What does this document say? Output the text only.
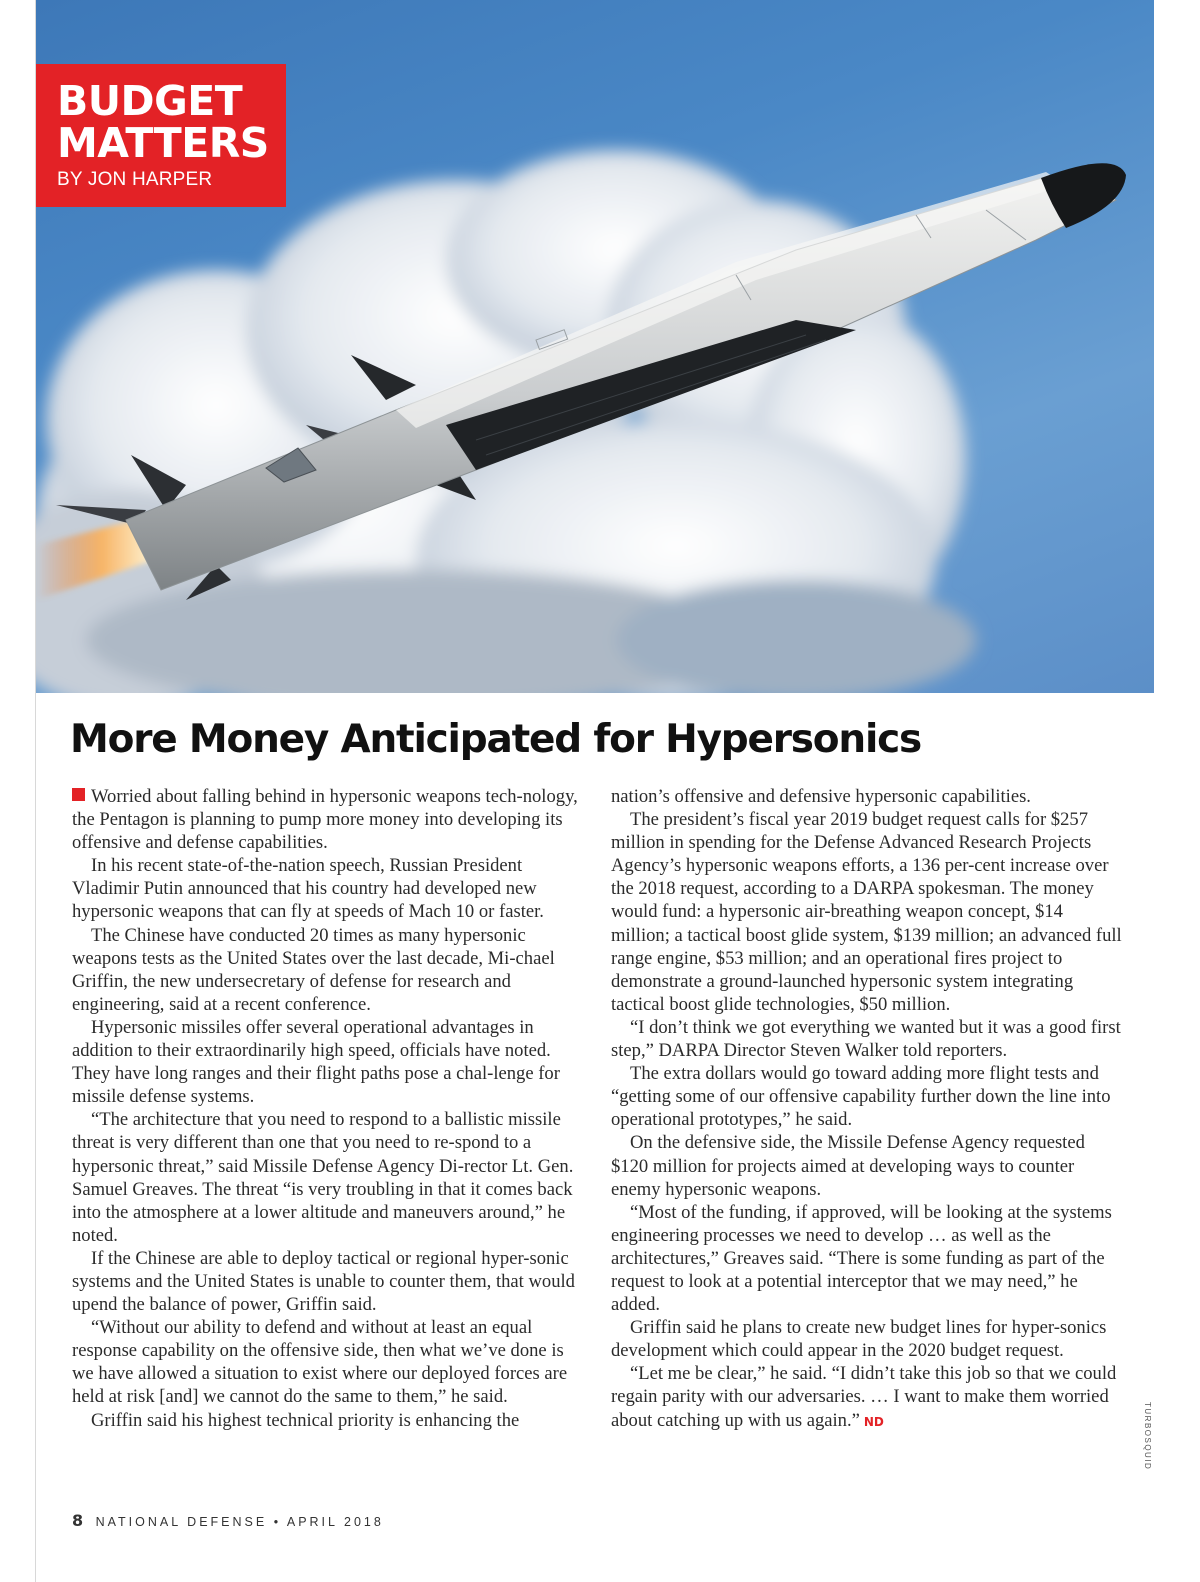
BUDGET
MATTERS
BY JON HARPER
More Money Anticipated for Hypersonics

Worried about falling behind in hypersonic weapons tech-nology, the Pentagon is planning to pump more money into developing its offensive and defense capabilities.

In his recent state-of-the-nation speech, Russian President Vladimir Putin announced that his country had developed new hypersonic weapons that can fly at speeds of Mach 10 or faster.

The Chinese have conducted 20 times as many hypersonic weapons tests as the United States over the last decade, Mi-chael Griffin, the new undersecretary of defense for research and engineering, said at a recent conference.

Hypersonic missiles offer several operational advantages in addition to their extraordinarily high speed, officials have noted. They have long ranges and their flight paths pose a chal-lenge for missile defense systems.

“The architecture that you need to respond to a ballistic missile threat is very different than one that you need to re-spond to a hypersonic threat,” said Missile Defense Agency Di-rector Lt. Gen. Samuel Greaves. The threat “is very troubling in that it comes back into the atmosphere at a lower altitude and maneuvers around,” he noted.

If the Chinese are able to deploy tactical or regional hyper-sonic systems and the United States is unable to counter them, that would upend the balance of power, Griffin said.

“Without our ability to defend and without at least an equal response capability on the offensive side, then what we’ve done is we have allowed a situation to exist where our deployed forces are held at risk [and] we cannot do the same to them,” he said.

Griffin said his highest technical priority is enhancing the

nation’s offensive and defensive hypersonic capabilities.

The president’s fiscal year 2019 budget request calls for $257 million in spending for the Defense Advanced Research Projects Agency’s hypersonic weapons efforts, a 136 per-cent increase over the 2018 request, according to a DARPA spokesman. The money would fund: a hypersonic air-breathing weapon concept, $14 million; a tactical boost glide system, $139 million; an advanced full range engine, $53 million; and an operational fires project to demonstrate a ground-launched hypersonic system integrating tactical boost glide technologies, $50 million.

“I don’t think we got everything we wanted but it was a good first step,” DARPA Director Steven Walker told reporters.

The extra dollars would go toward adding more flight tests and “getting some of our offensive capability further down the line into operational prototypes,” he said.

On the defensive side, the Missile Defense Agency requested $120 million for projects aimed at developing ways to counter enemy hypersonic weapons.

“Most of the funding, if approved, will be looking at the systems engineering processes we need to develop … as well as the architectures,” Greaves said. “There is some funding as part of the request to look at a potential interceptor that we may need,” he added.

Griffin said he plans to create new budget lines for hyper-sonics development which could appear in the 2020 budget request.

“Let me be clear,” he said. “I didn’t take this job so that we could regain parity with our adversaries. … I want to make them worried about catching up with us again.” ND	TURBOSQUID
8 NATIONAL DEFENSE • APRIL 2018
